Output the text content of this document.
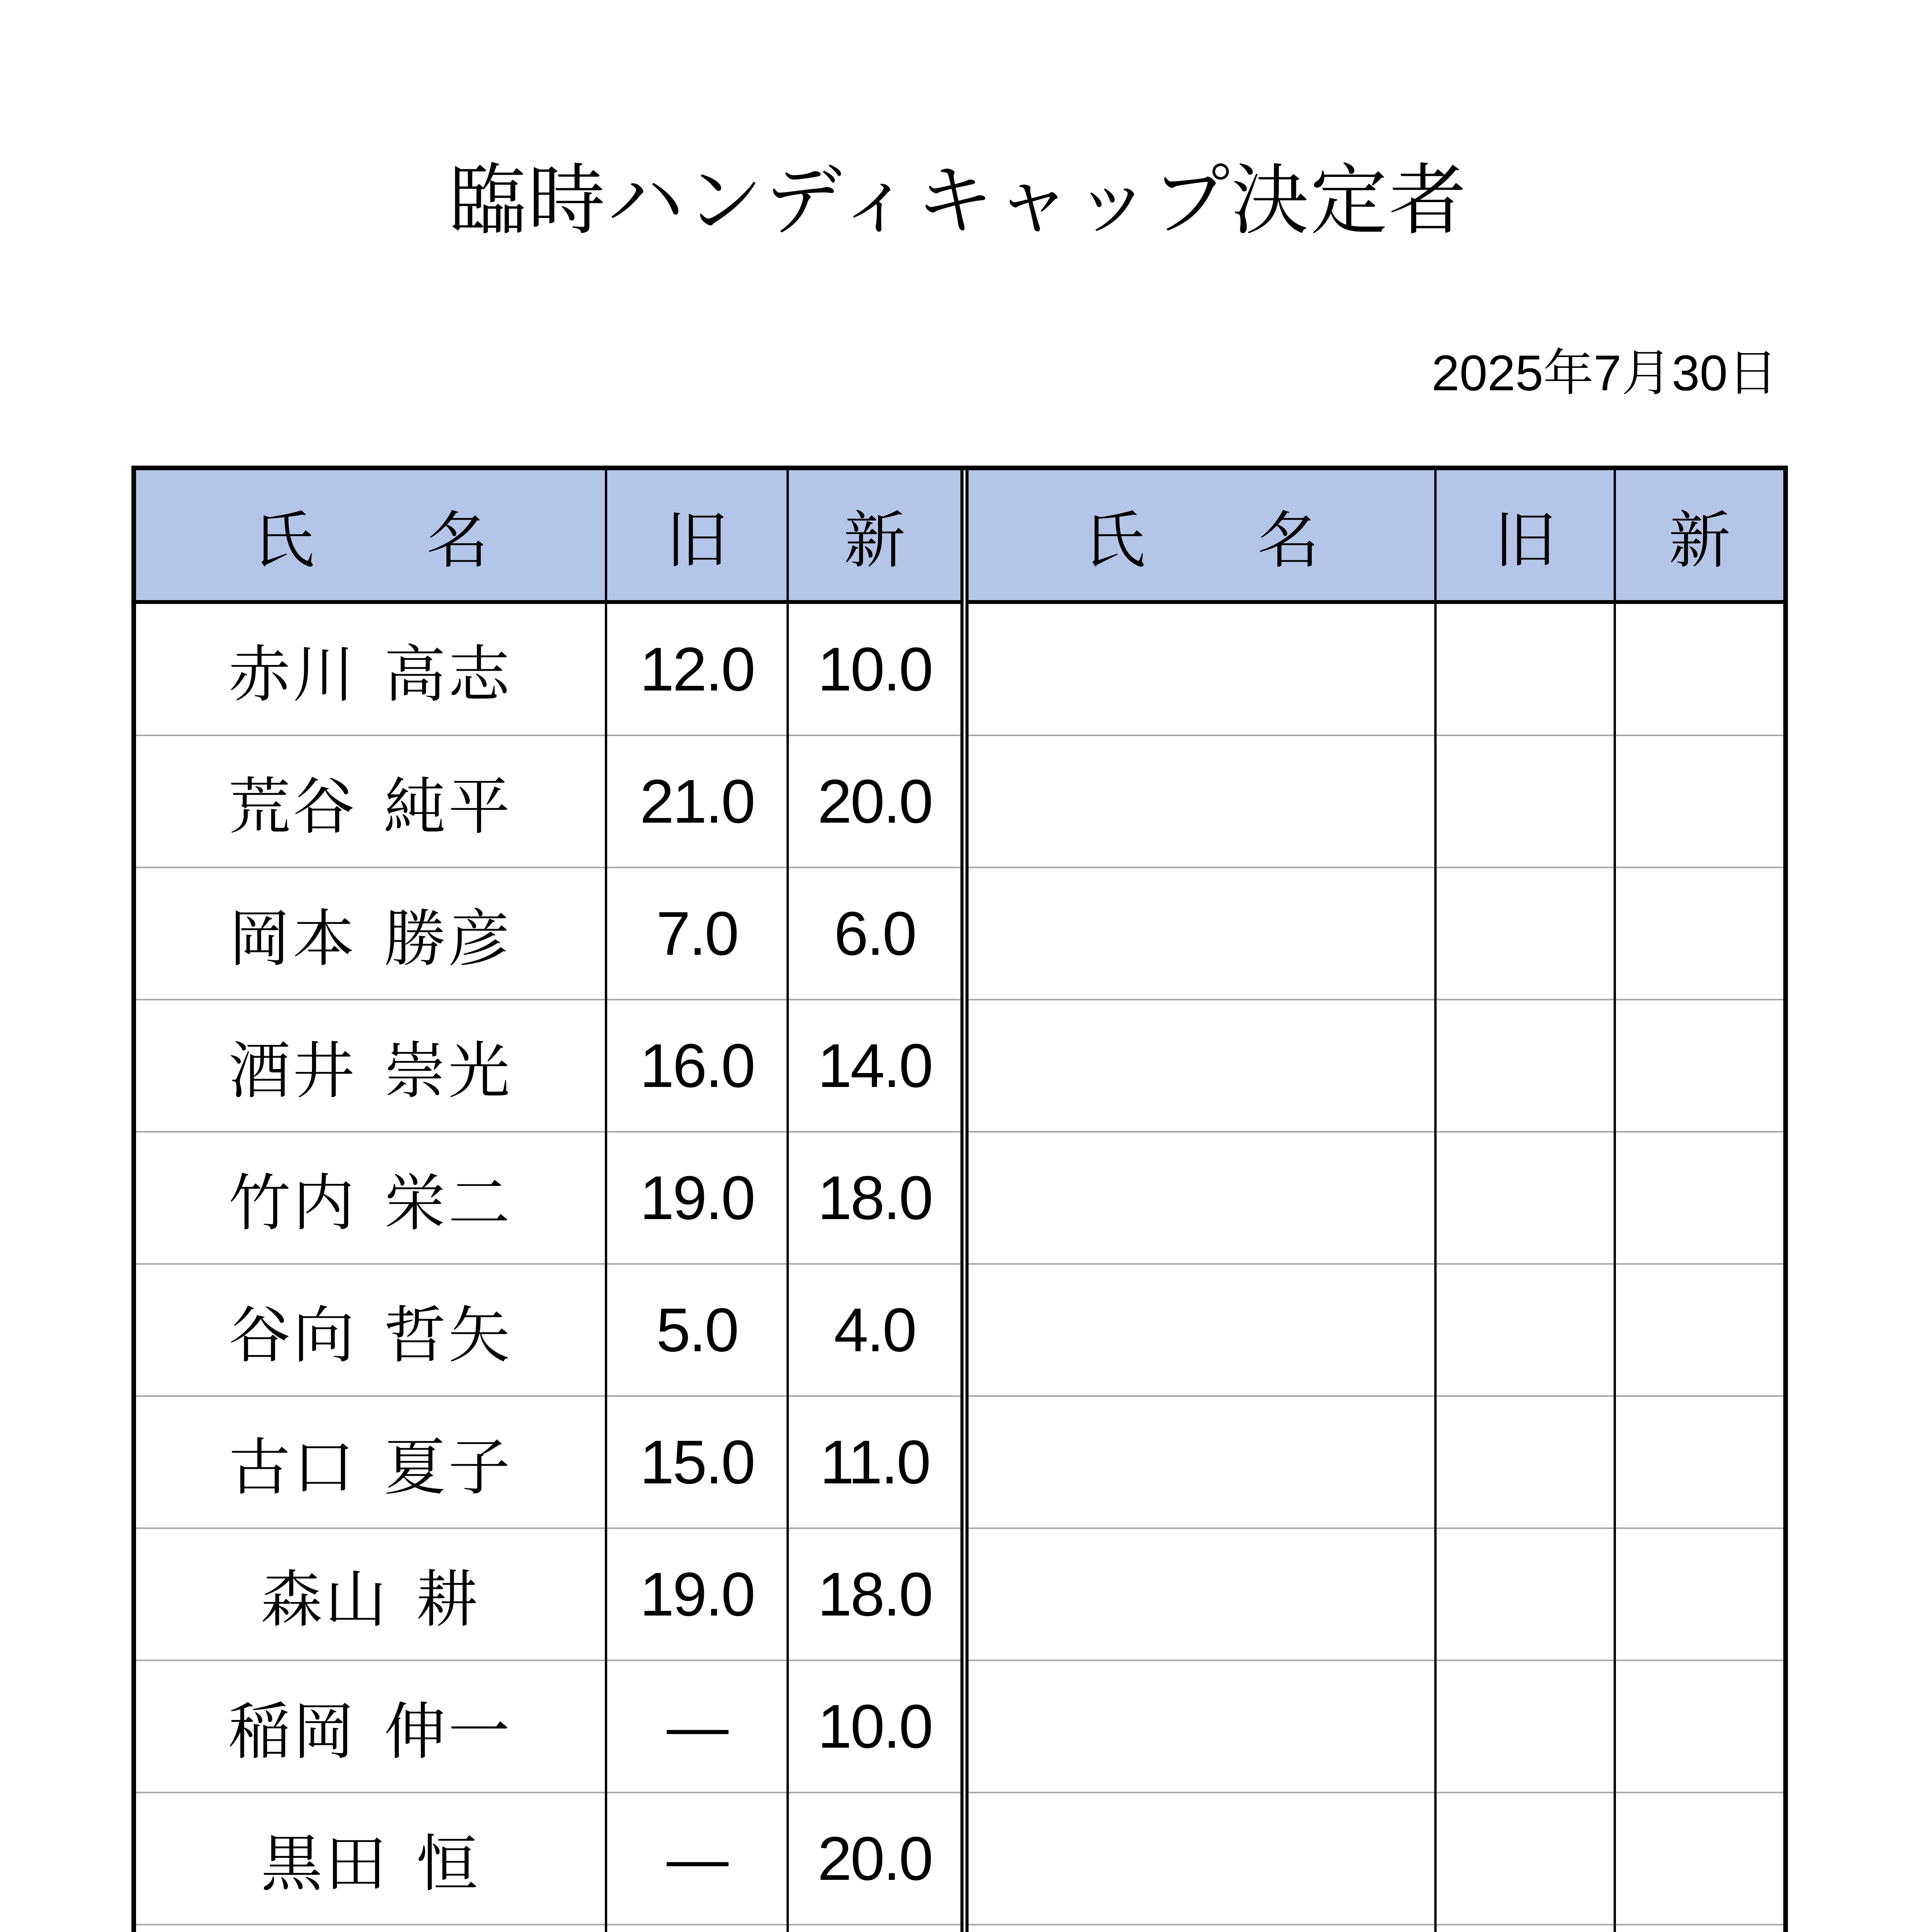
臨時ハンディキャップ決定者
2025年7月30日
氏 名	旧	新
赤川 高志	12.0	10.0
荒谷 純平	21.0	20.0
岡本 勝彦	7.0	6.0
酒井 崇光	16.0	14.0
竹内 栄二	19.0	18.0
谷向 哲矢	5.0	4.0
古口 夏子	15.0	11.0
森山 耕	19.0	18.0
稲岡 伸一	—	10.0
黒田 恒	—	20.0

氏 名	旧	新
